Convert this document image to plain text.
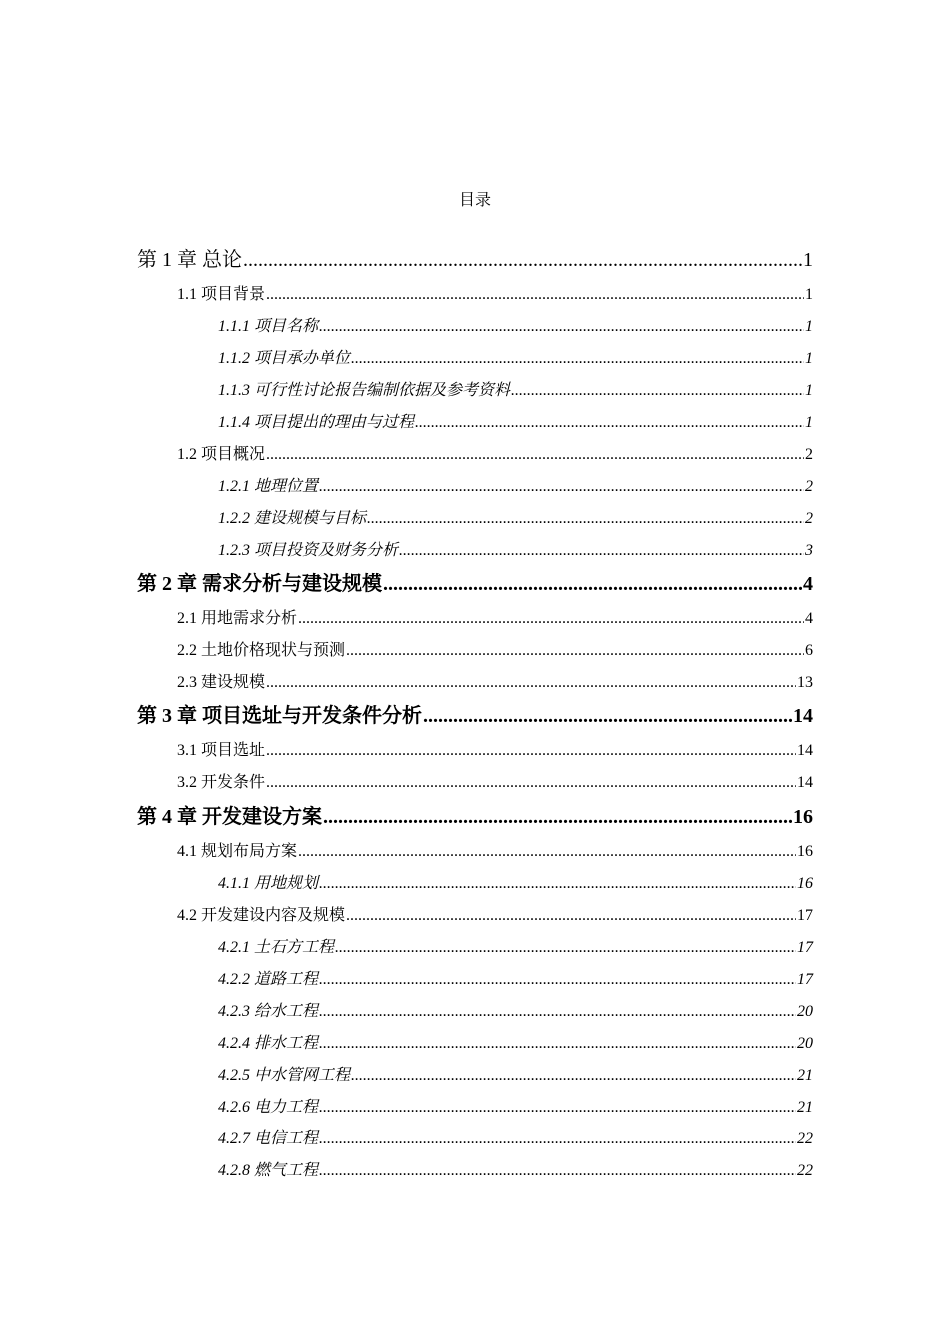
目录
第 1 章 总论 .....	1
1.1 项目背景 .....	1
1.1.1 项目名称 .....	1
1.1.2 项目承办单位 .....	1
1.1.3 可行性讨论报告编制依据及参考资料 .....	1
1.1.4 项目提出的理由与过程 .....	1
1.2 项目概况 .....	2
1.2.1 地理位置 .....	2
1.2.2 建设规模与目标 .....	2
1.2.3 项目投资及财务分析 .....	3
第 2 章 需求分析与建设规模 .....	4
2.1 用地需求分析 .....	4
2.2 土地价格现状与预测 .....	6
2.3 建设规模 .....	13
第 3 章 项目选址与开发条件分析 .....	14
3.1 项目选址 .....	14
3.2 开发条件 .....	14
第 4 章 开发建设方案 .....	16
4.1 规划布局方案 .....	16
4.1.1 用地规划 .....	16
4.2 开发建设内容及规模 .....	17
4.2.1 土石方工程 .....	17
4.2.2 道路工程 .....	17
4.2.3 给水工程 .....	20
4.2.4 排水工程 .....	20
4.2.5 中水管网工程 .....	21
4.2.6 电力工程 .....	21
4.2.7 电信工程 .....	22
4.2.8 燃气工程 .....	22
